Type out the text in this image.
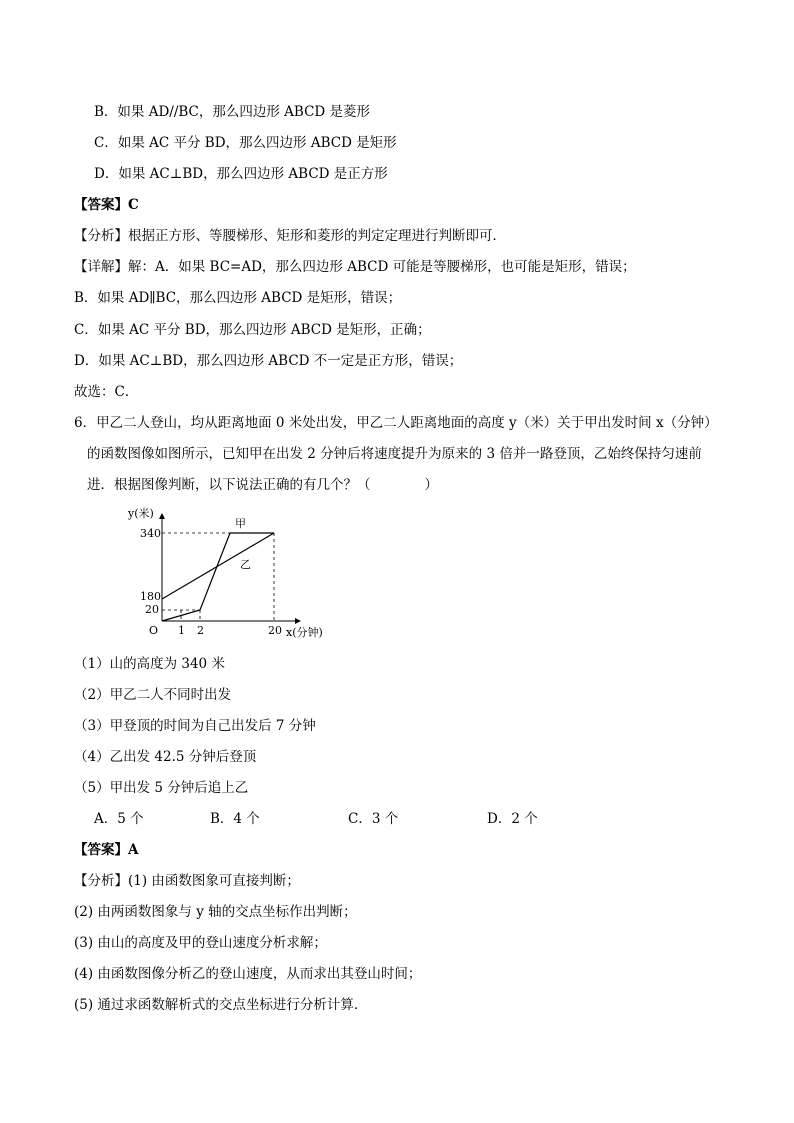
B．如果 AD//BC，那么四边形 ABCD 是菱形
C．如果 AC 平分 BD，那么四边形 ABCD 是矩形
D．如果 AC⊥BD，那么四边形 ABCD 是正方形
【答案】C
【分析】根据正方形、等腰梯形、矩形和菱形的判定定理进行判断即可．
【详解】解：A．如果 BC=AD，那么四边形 ABCD 可能是等腰梯形，也可能是矩形，错误；
B．如果 AD∥BC，那么四边形 ABCD 是矩形，错误；
C．如果 AC 平分 BD，那么四边形 ABCD 是矩形，正确；
D．如果 AC⊥BD，那么四边形 ABCD 不一定是正方形，错误；
故选：C．
6．甲乙二人登山，均从距离地面 0 米处出发，甲乙二人距离地面的高度 y（米）关于甲出发时间 x（分钟）
的函数图像如图所示，已知甲在出发 2 分钟后将速度提升为原来的 3 倍并一路登顶，乙始终保持匀速前
进．根据图像判断，以下说法正确的有几个？（　　　　）
y(米)
340
180
20
O 1 2	20 x(分钟)
甲
乙
（1）山的高度为 340 米
（2）甲乙二人不同时出发
（3）甲登顶的时间为自己出发后 7 分钟
（4）乙出发 42.5 分钟后登顶
（5）甲出发 5 分钟后追上乙
A．5 个	B．4 个	C．3 个	D．2 个
【答案】A
【分析】(1) 由函数图象可直接判断；
(2) 由两函数图象与 y 轴的交点坐标作出判断；
(3) 由山的高度及甲的登山速度分析求解；
(4) 由函数图像分析乙的登山速度，从而求出其登山时间；
(5) 通过求函数解析式的交点坐标进行分析计算．
